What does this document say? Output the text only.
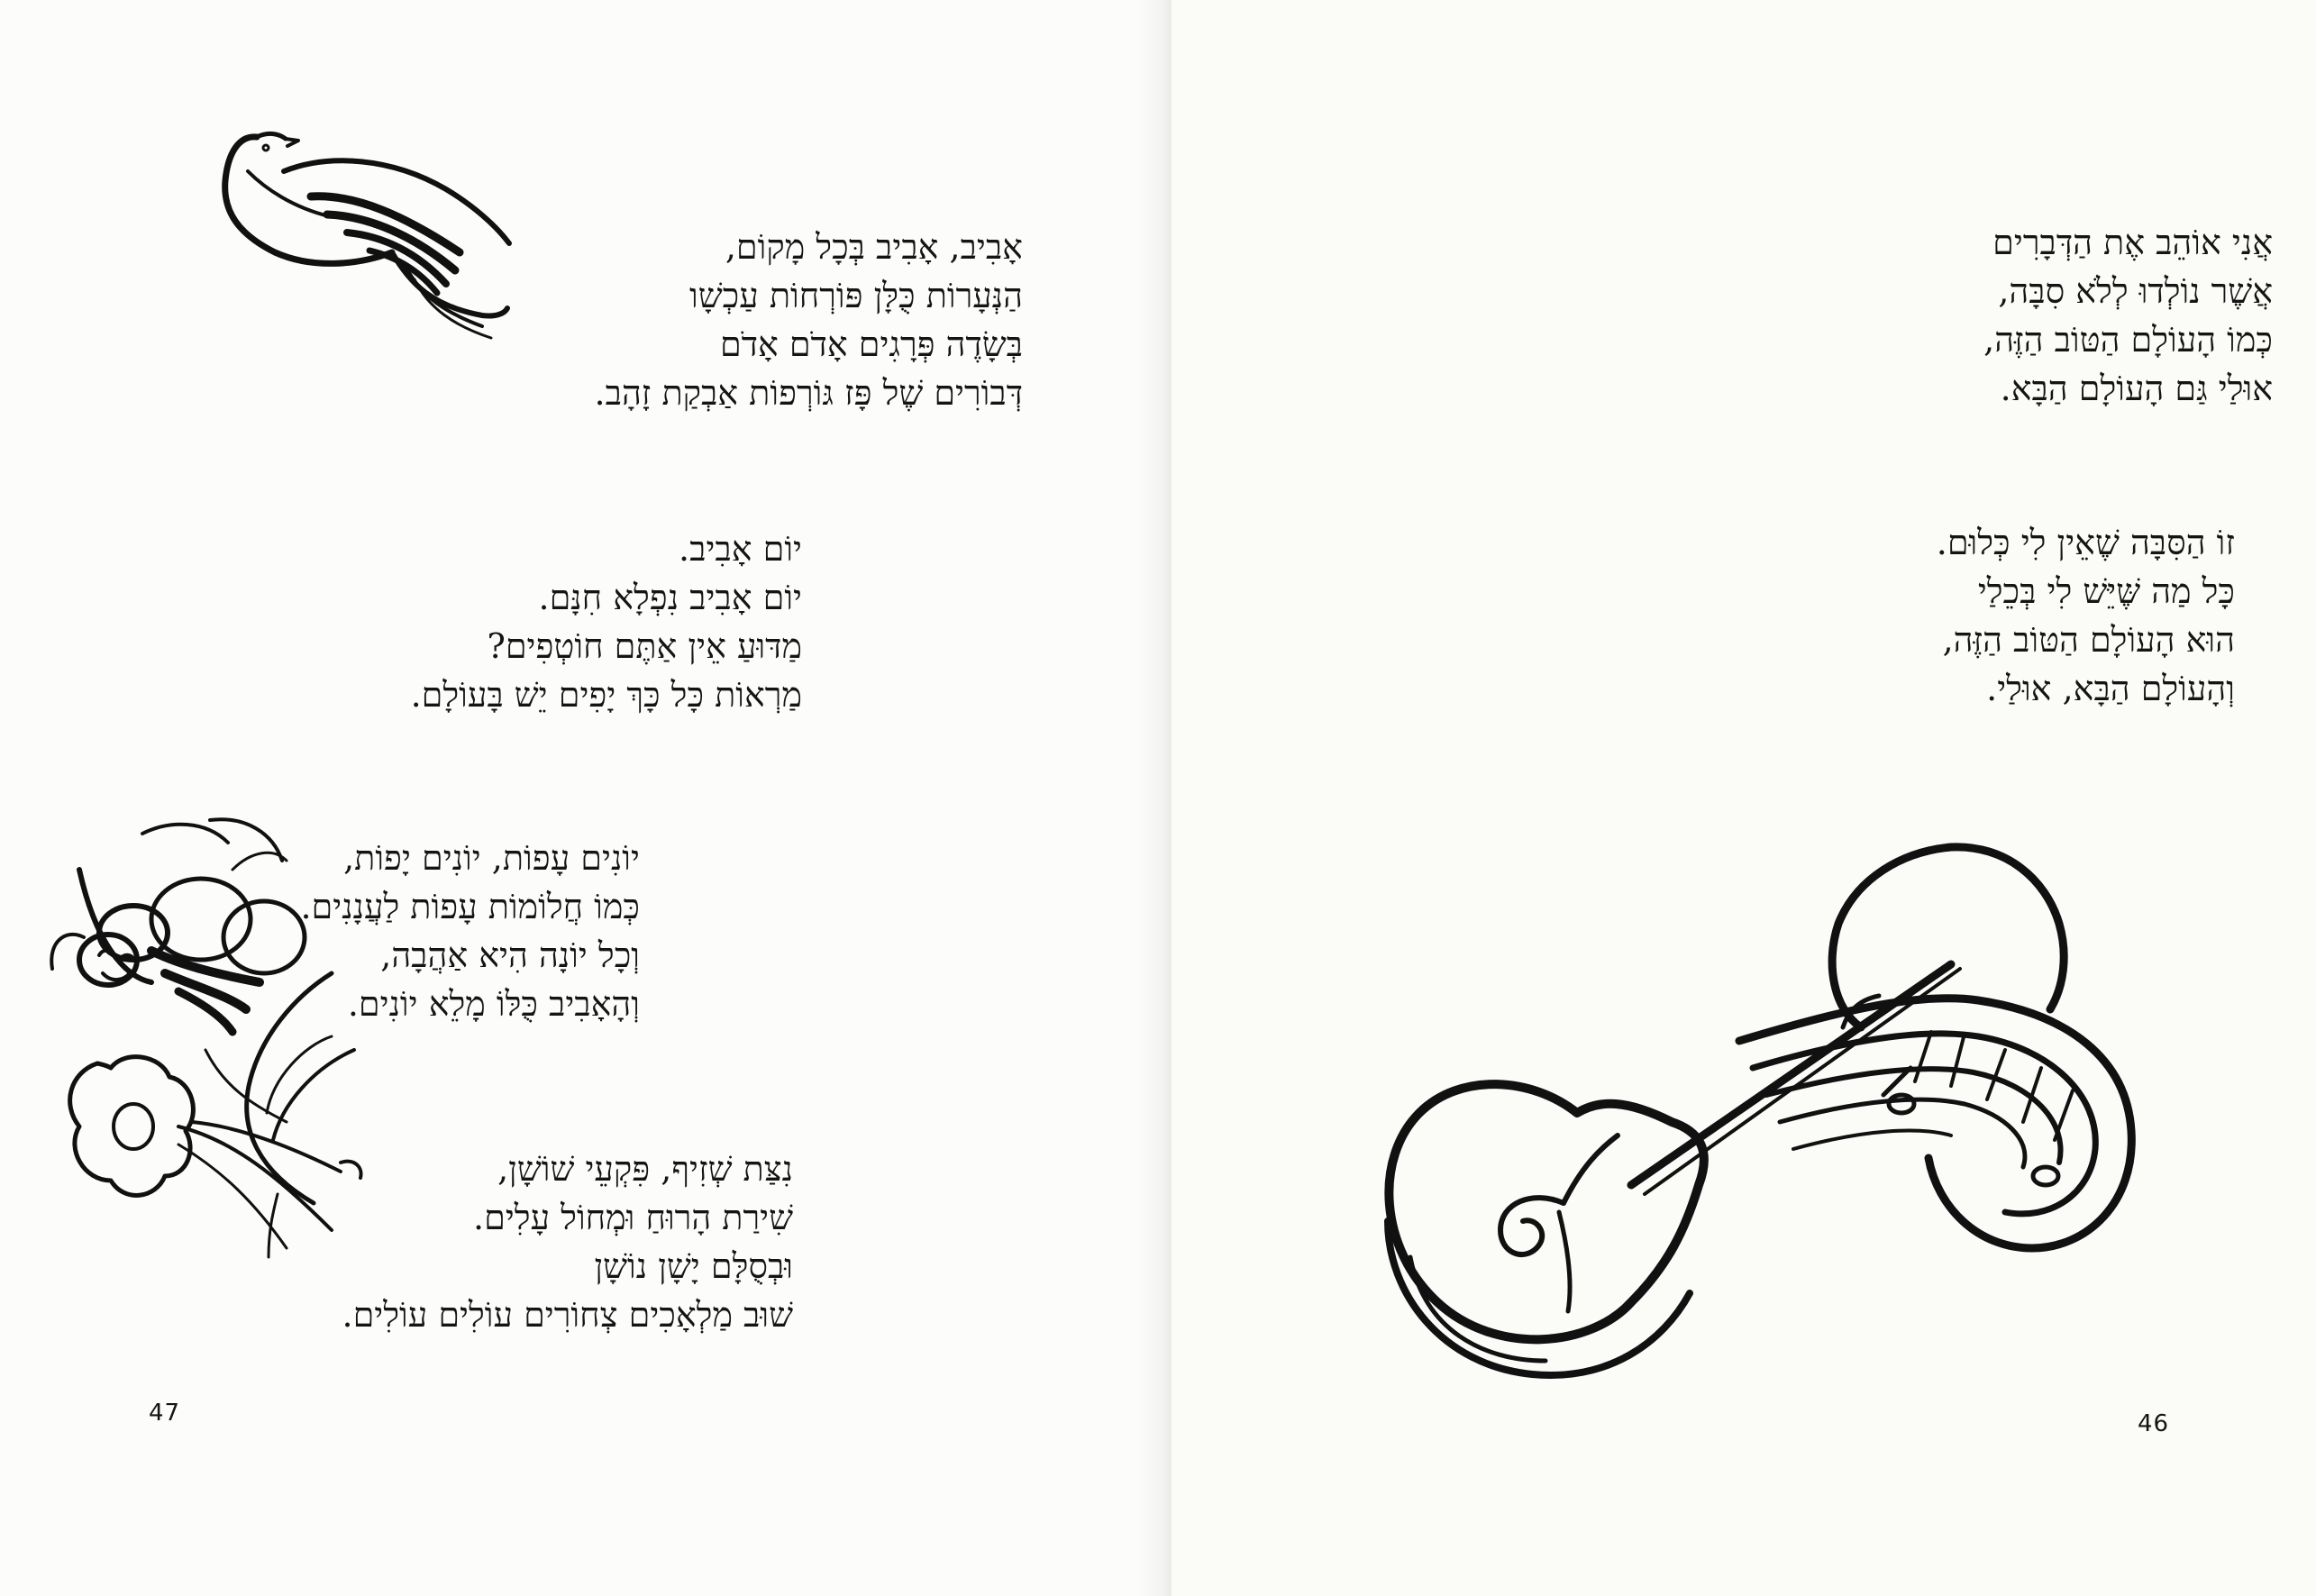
אָבִיב, אָבִיב בְּכָל מָקוֹם,
הַנְּעָרוֹת כֻּלָּן פּוֹרְחוֹת עַכְשָׁו
בְּשָׂדֶה פְּרָגִים אָדֹם אָדֹם
דְּבוֹרִים שֶׁל פָּז גּוֹרְפוֹת אַבְקַת זָהָב.
יוֹם אָבִיב.
יוֹם אָבִיב נִפְלָא חִנָּם.
מַדּוּעַ אֵין אַתֶּם חוֹטְפִים?
מַרְאוֹת כָּל כָּךְ יָפִים יֵשׁ בָּעוֹלָם.
יוֹנִים עָפוֹת, יוֹנִים יָפוֹת,
כְּמוֹ חֲלוֹמוֹת עָפוֹת לַעֲנָנִים.
וְכָל יוֹנָה הִיא אַהֲבָה,
וְהָאָבִיב כֻּלּוֹ מָלֵא יוֹנִים.
נִצַּת שְׁזִיף, פִּקְעֵי שׁוֹשָׁן,
שִׁירַת הָרוּחַ וּמְחוֹל עָלִים.
וּבְסֻלָּם יָשָׁן נוֹשָׁן
שׁוּב מַלְאָכִים צְחוֹרִים עוֹלִים עוֹלִים.
47
אֲנִי אוֹהֵב אֶת הַדְּבָרִים
אֲשֶׁר נוֹלְדוּ לְלֹא סִבָּה,
כְּמוֹ הָעוֹלָם הַטּוֹב הַזֶּה,
אוּלַי גַּם הָעוֹלָם הַבָּא.
זוֹ הַסִּבָּה שֶׁאֵין לִי כְּלוּם.
כָּל מַה שֶּׁיֵּשׁ לִי בְּכֵלַי
הוּא הָעוֹלָם הַטּוֹב הַזֶּה,
וְהָעוֹלָם הַבָּא, אוּלַי.
46
